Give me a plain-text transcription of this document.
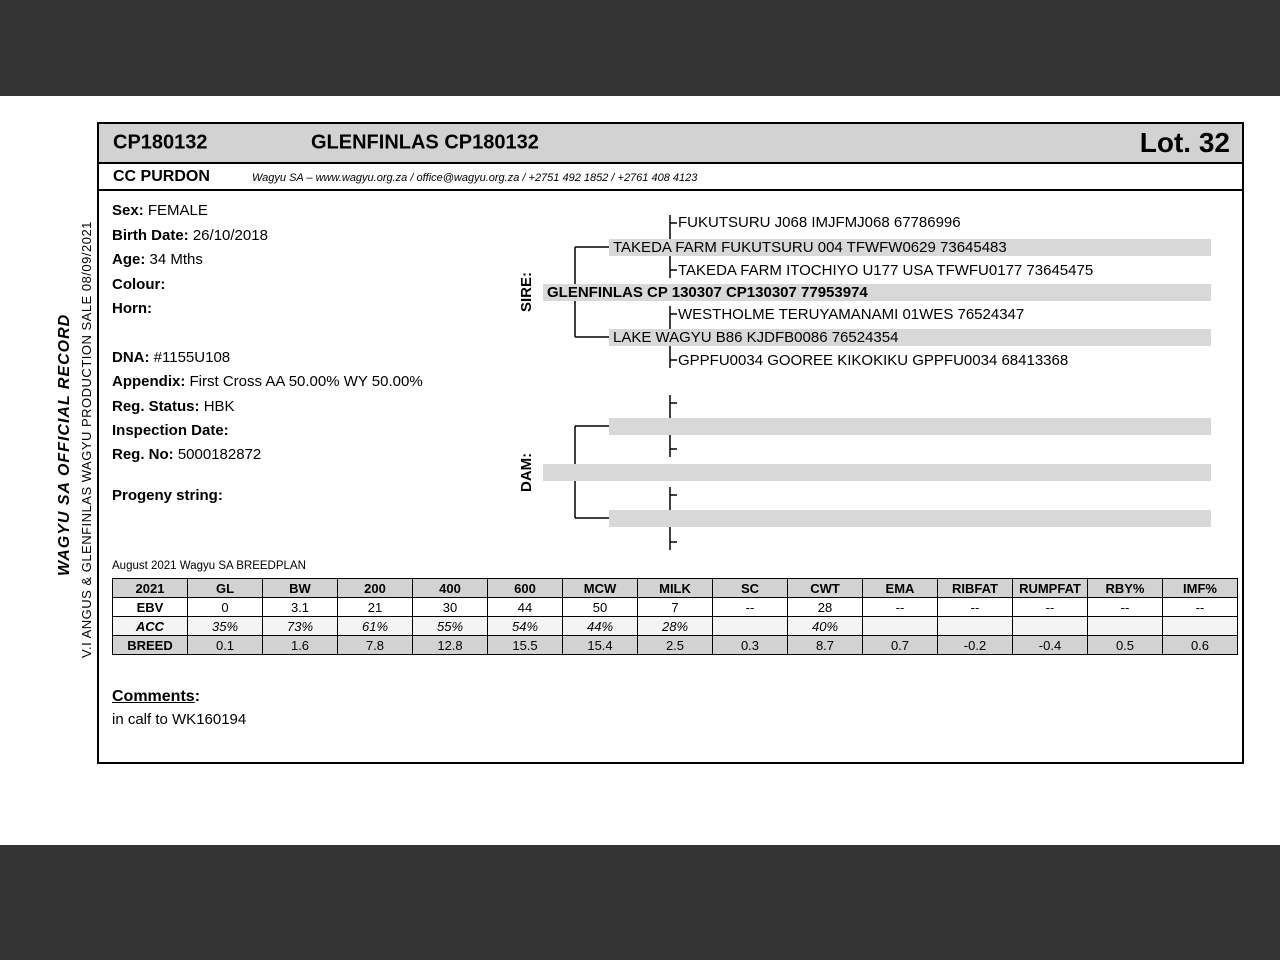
WAGYU SA OFFICIAL RECORD V.I ANGUS & GLENFINLAS WAGYU PRODUCTION SALE 08/09/2021
CP180132	GLENFINLAS CP180132	Lot. 32
CC PURDON	Wagyu SA – www.wagyu.org.za / office@wagyu.org.za / +2751 492 1852 / +2761 408 4123
Sex: FEMALE
Birth Date: 26/10/2018
Age: 34 Mths
Colour:
Horn:
DNA: #1155U108
Appendix: First Cross AA 50.00% WY 50.00%
Reg. Status: HBK
Inspection Date:
Reg. No: 5000182872
Progeny string:
SIRE:
DAM:
FUKUTSURU J068 IMJFMJ068 67786996
TAKEDA FARM FUKUTSURU 004 TFWFW0629 73645483
TAKEDA FARM ITOCHIYO U177 USA TFWFU0177 73645475
GLENFINLAS CP 130307 CP130307 77953974
WESTHOLME TERUYAMANAMI 01WES 76524347
LAKE WAGYU B86 KJDFB0086 76524354
GPPFU0034 GOOREE KIKOKIKU GPPFU0034 68413368
August 2021 Wagyu SA BREEDPLAN
2021	GL	BW	200	400	600	MCW	MILK	SC	CWT	EMA	RIBFAT	RUMPFAT	RBY%	IMF%
EBV	0	3.1	21	30	44	50	7	--	28	--	--	--	--	--
ACC	35%	73%	61%	55%	54%	44%	28%		40%					
BREED	0.1	1.6	7.8	12.8	15.5	15.4	2.5	0.3	8.7	0.7	-0.2	-0.4	0.5	0.6
Comments:
in calf to WK160194
